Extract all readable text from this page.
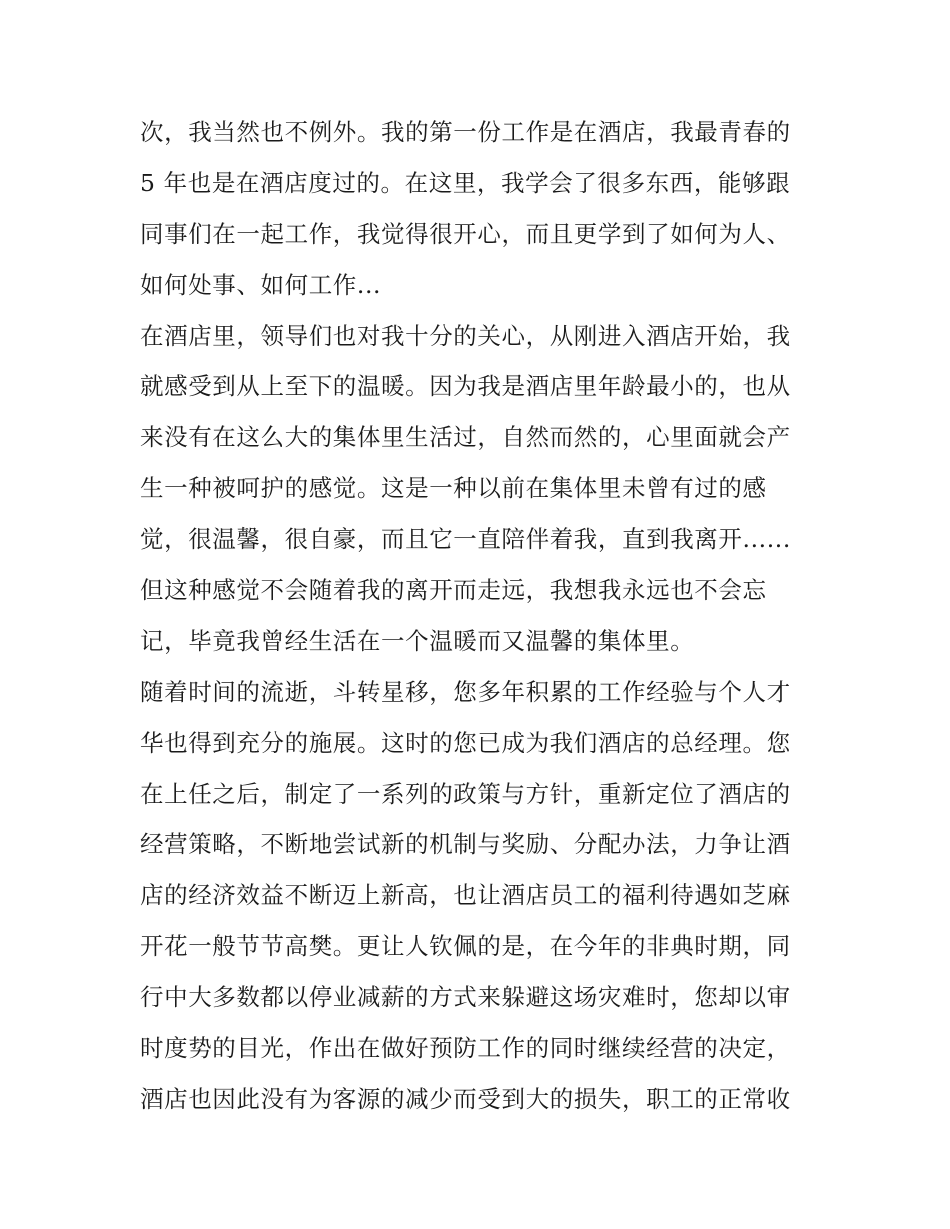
次，我当然也不例外。我的第一份工作是在酒店，我最青春的
5 年也是在酒店度过的。在这里，我学会了很多东西，能够跟
同事们在一起工作，我觉得很开心，而且更学到了如何为人、
如何处事、如何工作...
在酒店里，领导们也对我十分的关心，从刚进入酒店开始，我
就感受到从上至下的温暖。因为我是酒店里年龄最小的，也从
来没有在这么大的集体里生活过，自然而然的，心里面就会产
生一种被呵护的感觉。这是一种以前在集体里未曾有过的感
觉，很温馨，很自豪，而且它一直陪伴着我，直到我离开......
但这种感觉不会随着我的离开而走远，我想我永远也不会忘
记，毕竟我曾经生活在一个温暖而又温馨的集体里。
随着时间的流逝，斗转星移，您多年积累的工作经验与个人才
华也得到充分的施展。这时的您已成为我们酒店的总经理。您
在上任之后，制定了一系列的政策与方针，重新定位了酒店的
经营策略，不断地尝试新的机制与奖励、分配办法，力争让酒
店的经济效益不断迈上新高，也让酒店员工的福利待遇如芝麻
开花一般节节高樊。更让人钦佩的是，在今年的非典时期，同
行中大多数都以停业减薪的方式来躲避这场灾难时，您却以审
时度势的目光，作出在做好预防工作的同时继续经营的决定，
酒店也因此没有为客源的减少而受到大的损失，职工的正常收
